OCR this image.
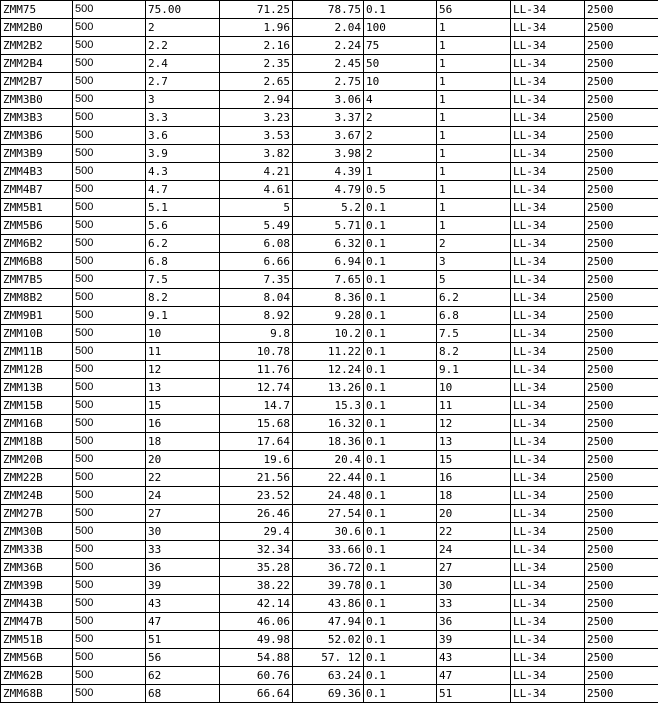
ZMM75	500	75.00	71.25	78.75	0.1	56	LL-34	2500
ZMM2B0	500	2	1.96	2.04	100	1	LL-34	2500
ZMM2B2	500	2.2	2.16	2.24	75	1	LL-34	2500
ZMM2B4	500	2.4	2.35	2.45	50	1	LL-34	2500
ZMM2B7	500	2.7	2.65	2.75	10	1	LL-34	2500
ZMM3B0	500	3	2.94	3.06	4	1	LL-34	2500
ZMM3B3	500	3.3	3.23	3.37	2	1	LL-34	2500
ZMM3B6	500	3.6	3.53	3.67	2	1	LL-34	2500
ZMM3B9	500	3.9	3.82	3.98	2	1	LL-34	2500
ZMM4B3	500	4.3	4.21	4.39	1	1	LL-34	2500
ZMM4B7	500	4.7	4.61	4.79	0.5	1	LL-34	2500
ZMM5B1	500	5.1	5	5.2	0.1	1	LL-34	2500
ZMM5B6	500	5.6	5.49	5.71	0.1	1	LL-34	2500
ZMM6B2	500	6.2	6.08	6.32	0.1	2	LL-34	2500
ZMM6B8	500	6.8	6.66	6.94	0.1	3	LL-34	2500
ZMM7B5	500	7.5	7.35	7.65	0.1	5	LL-34	2500
ZMM8B2	500	8.2	8.04	8.36	0.1	6.2	LL-34	2500
ZMM9B1	500	9.1	8.92	9.28	0.1	6.8	LL-34	2500
ZMM10B	500	10	9.8	10.2	0.1	7.5	LL-34	2500
ZMM11B	500	11	10.78	11.22	0.1	8.2	LL-34	2500
ZMM12B	500	12	11.76	12.24	0.1	9.1	LL-34	2500
ZMM13B	500	13	12.74	13.26	0.1	10	LL-34	2500
ZMM15B	500	15	14.7	15.3	0.1	11	LL-34	2500
ZMM16B	500	16	15.68	16.32	0.1	12	LL-34	2500
ZMM18B	500	18	17.64	18.36	0.1	13	LL-34	2500
ZMM20B	500	20	19.6	20.4	0.1	15	LL-34	2500
ZMM22B	500	22	21.56	22.44	0.1	16	LL-34	2500
ZMM24B	500	24	23.52	24.48	0.1	18	LL-34	2500
ZMM27B	500	27	26.46	27.54	0.1	20	LL-34	2500
ZMM30B	500	30	29.4	30.6	0.1	22	LL-34	2500
ZMM33B	500	33	32.34	33.66	0.1	24	LL-34	2500
ZMM36B	500	36	35.28	36.72	0.1	27	LL-34	2500
ZMM39B	500	39	38.22	39.78	0.1	30	LL-34	2500
ZMM43B	500	43	42.14	43.86	0.1	33	LL-34	2500
ZMM47B	500	47	46.06	47.94	0.1	36	LL-34	2500
ZMM51B	500	51	49.98	52.02	0.1	39	LL-34	2500
ZMM56B	500	56	54.88	57. 12	0.1	43	LL-34	2500
ZMM62B	500	62	60.76	63.24	0.1	47	LL-34	2500
ZMM68B	500	68	66.64	69.36	0.1	51	LL-34	2500
